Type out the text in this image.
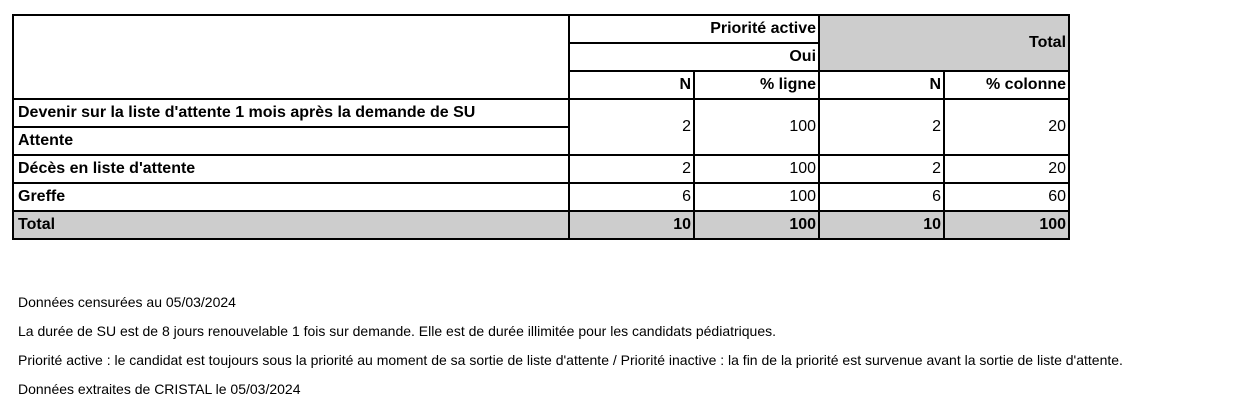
	Priorité active		Total	
	Oui			
	N	% ligne	N	% colonne
Devenir sur la liste d'attente 1 mois après la demande de SU	2	100	2	20
Attente				
Décès en liste d'attente	2	100	2	20
Greffe	6	100	6	60
Total	10	100	10	100
Données censurées au 05/03/2024
La durée de SU est de 8 jours renouvelable 1 fois sur demande. Elle est de durée illimitée pour les candidats pédiatriques.
Priorité active : le candidat est toujours sous la priorité au moment de sa sortie de liste d'attente / Priorité inactive : la fin de la priorité est survenue avant la sortie de liste d'attente.
Données extraites de CRISTAL le 05/03/2024
